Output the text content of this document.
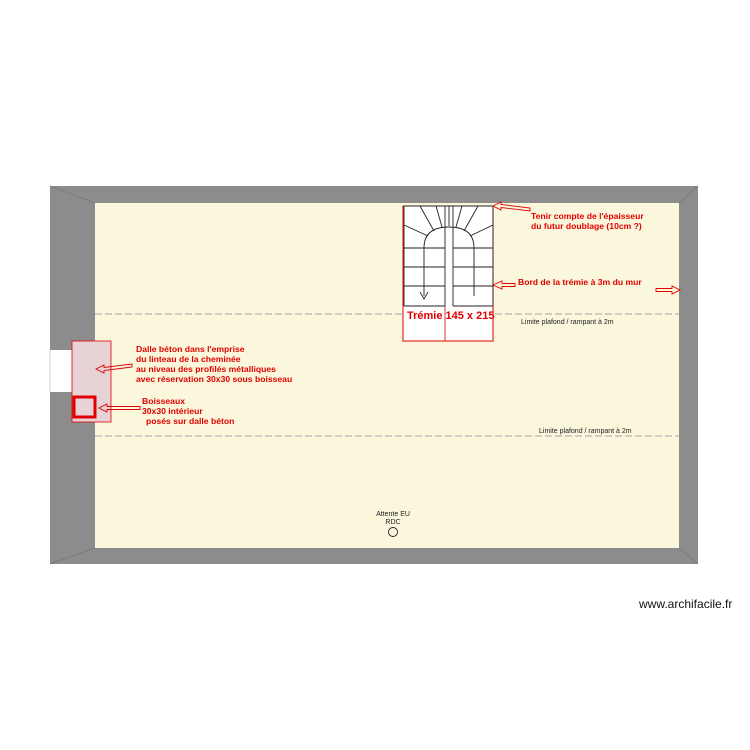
Tenir compte de l'épaisseur
du futur doublage (10cm ?)
Bord de la trémie à 3m du mur
Trémie 145 x 215
Dalle béton dans l'emprise
du linteau de la cheminée
au niveau des profilés métalliques
avec réservation 30x30 sous boisseau
Boisseaux
30x30 intérieur
posés sur dalle béton
Limite plafond / rampant à 2m
Limite plafond / rampant à 2m
Attente EU
RDC
www.archifacile.fr
